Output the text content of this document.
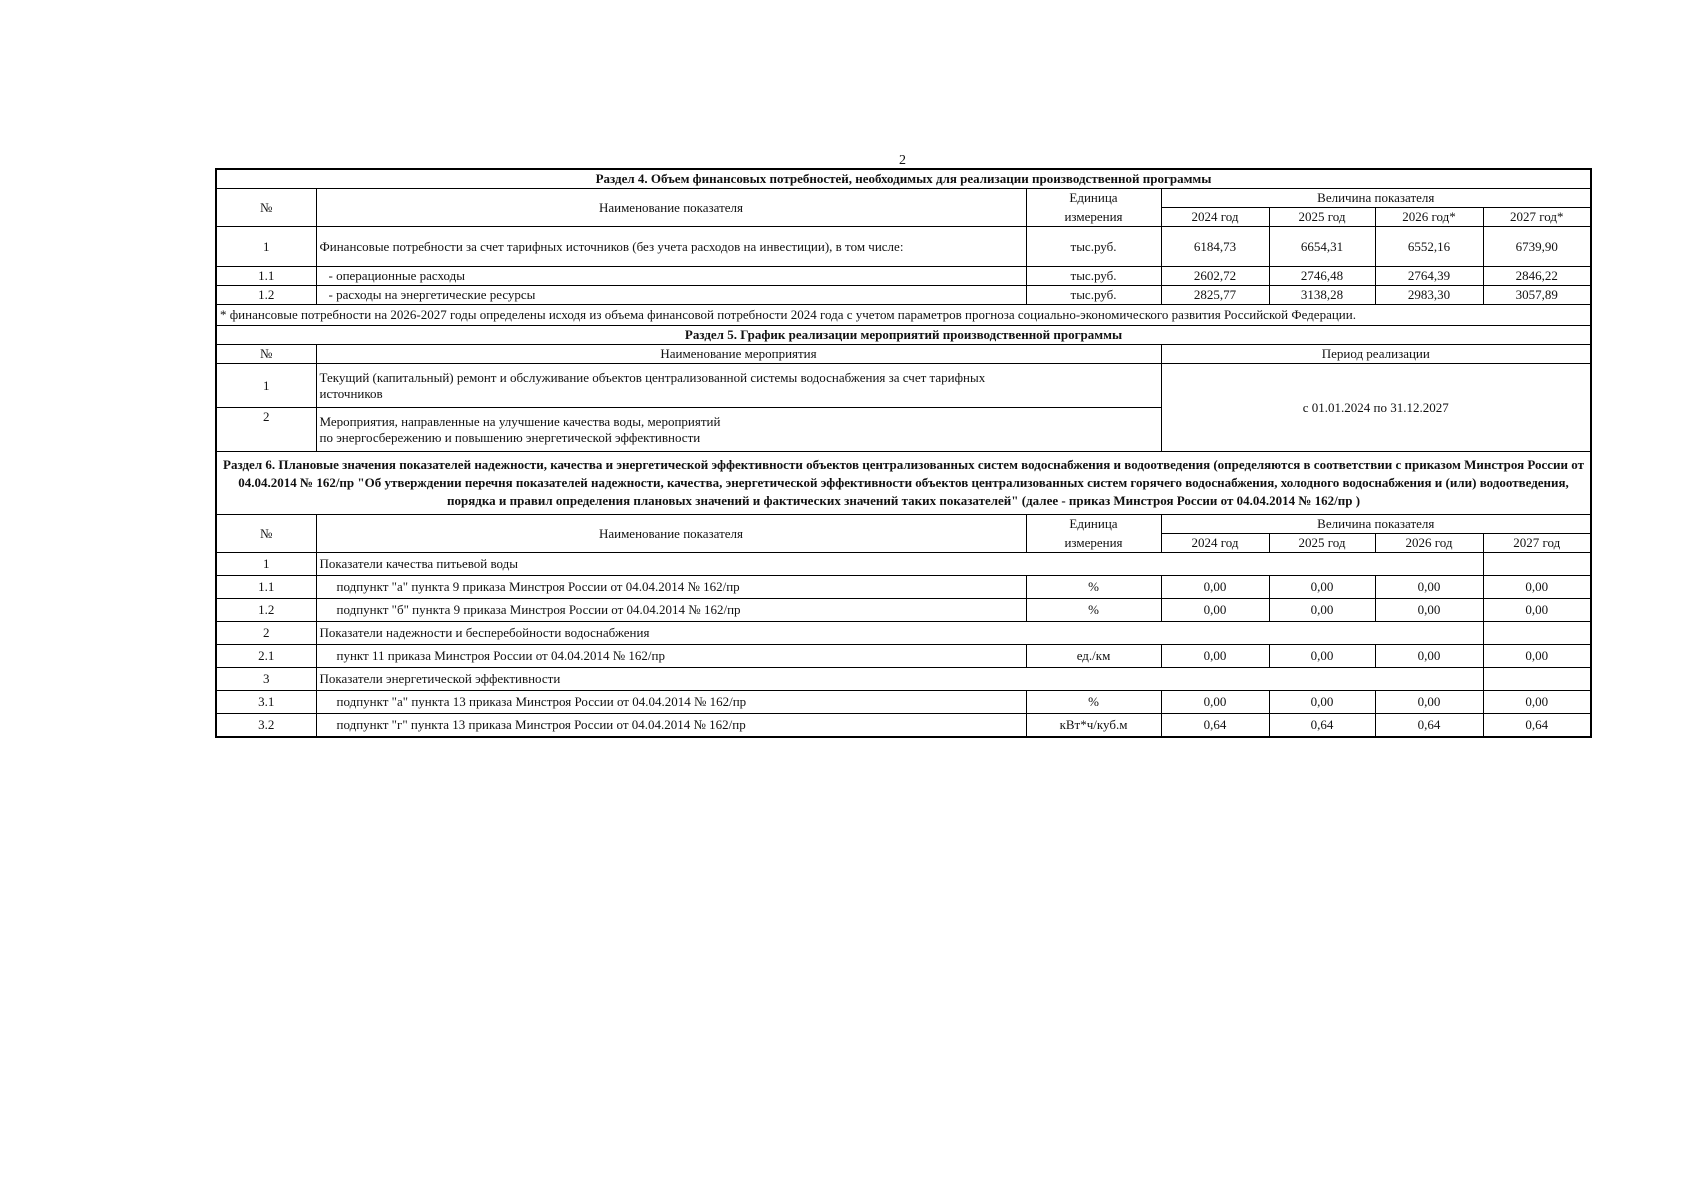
2
Раздел 4. Объем финансовых потребностей, необходимых для реализации производственной программы						
№	Наименование показателя	Единица	Величина показателя			
		измерения	2024 год	2025 год	2026 год*	2027 год*
1	Финансовые потребности за счет тарифных источников (без учета расходов на инвестиции), в том числе:	тыс.руб.	6184,73	6654,31	6552,16	6739,90
1.1	- операционные расходы	тыс.руб.	2602,72	2746,48	2764,39	2846,22
1.2	- расходы на энергетические ресурсы	тыс.руб.	2825,77	3138,28	2983,30	3057,89
* финансовые потребности на 2026-2027 годы определены исходя из объема финансовой потребности 2024 года с учетом параметров прогноза социально-экономического развития Российской Федерации.						
Раздел 5. График реализации мероприятий производственной программы						
№	Наименование мероприятия		Период реализации			
1	Текущий (капитальный) ремонт и обслуживание объектов централизованной системы водоснабжения за счет тарифных
источников		с 01.01.2024 по 31.12.2027			
2	Мероприятия, направленные на улучшение качества воды, мероприятий
по энергосбережению и повышению энергетической эффективности					

Раздел 6. Плановые значения показателей надежности, качества и энергетической эффективности объектов централизованных систем водоснабжения и водоотведения (определяются в соответствии с приказом Минстроя России от 04.04.2014 № 162/пр "Об утверждении перечня показателей надежности, качества, энергетической эффективности объектов централизованных систем горячего водоснабжения, холодного водоснабжения и (или) водоотведения, порядка и правил определения плановых значений и фактических значений таких показателей" (далее - приказ Минстроя России от 04.04.2014 № 162/пр )						
№	Наименование показателя	Единица	Величина показателя			
		измерения	2024 год	2025 год	2026 год	2027 год
1	Показатели качества питьевой воды					
1.1	подпункт "а" пункта 9 приказа Минстроя России от 04.04.2014 № 162/пр	%	0,00	0,00	0,00	0,00
1.2	подпункт "б" пункта 9 приказа Минстроя России от 04.04.2014 № 162/пр	%	0,00	0,00	0,00	0,00
2	Показатели надежности и бесперебойности водоснабжения					
2.1	пункт 11 приказа Минстроя России от 04.04.2014 № 162/пр	ед./км	0,00	0,00	0,00	0,00
3	Показатели энергетической эффективности					
3.1	подпункт "а" пункта 13 приказа Минстроя России от 04.04.2014 № 162/пр	%	0,00	0,00	0,00	0,00
3.2	подпункт "г" пункта 13 приказа Минстроя России от 04.04.2014 № 162/пр	кВт*ч/куб.м	0,64	0,64	0,64	0,64
